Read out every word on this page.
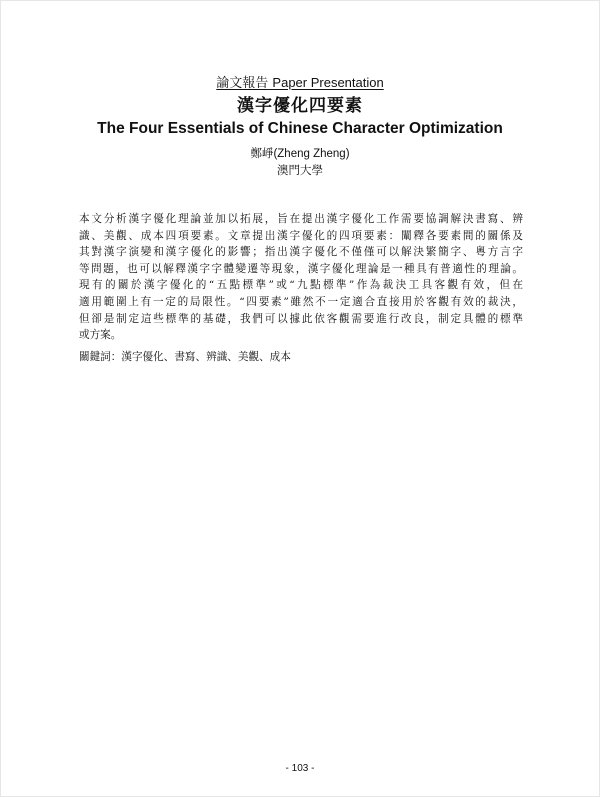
論文報告 Paper Presentation
漢字優化四要素
The Four Essentials of Chinese Character Optimization
鄭崢(Zheng Zheng)
澳門大學
本文分析漢字優化理論並加以拓展，旨在提出漢字優化工作需要協調解決書寫、辨
識、美觀、成本四項要素。文章提出漢字優化的四項要素：闡釋各要素間的關係及
其對漢字演變和漢字優化的影響；指出漢字優化不僅僅可以解決繁簡字、粵方言字
等問題，也可以解釋漢字字體變遷等現象，漢字優化理論是一種具有普適性的理論。
現有的關於漢字優化的“五點標準”或“九點標準”作為裁決工具客觀有效，但在
適用範圍上有一定的局限性。“四要素”雖然不一定適合直接用於客觀有效的裁決，
但卻是制定這些標準的基礎，我們可以據此依客觀需要進行改良，制定具體的標準
或方案。
關鍵詞：漢字優化、書寫、辨識、美觀、成本
- 103 -
